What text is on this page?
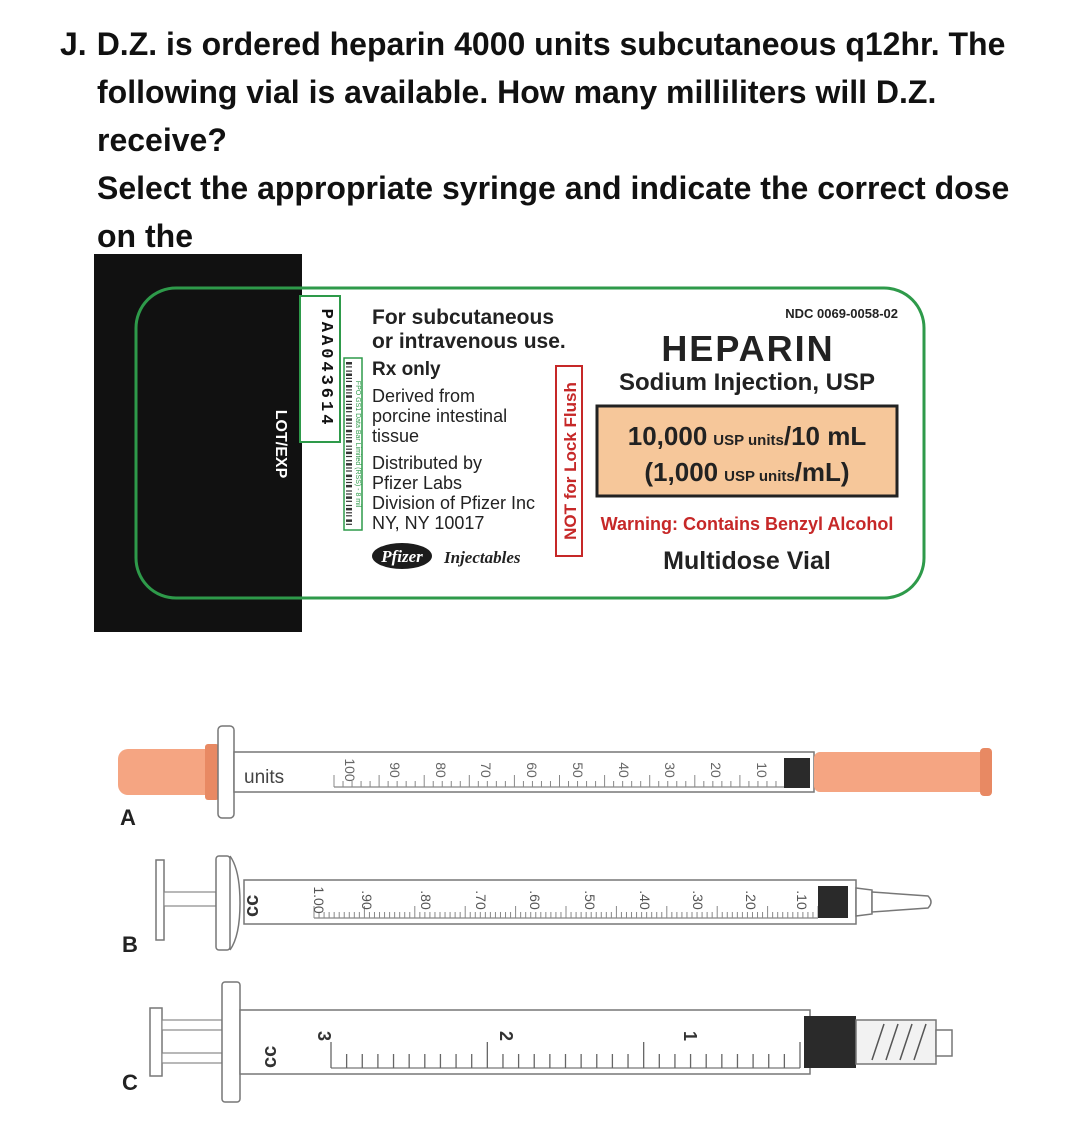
J. D.Z. is ordered heparin 4000 units subcutaneous q12hr. The
following vial is available. How many milliliters will D.Z. receive?
Select the appropriate syringe and indicate the correct dose on the
LOT/EXP
PAA043614
FPO GS1 Data Bar Limited (RSS) - 8 mil
For subcutaneous
or intravenous use.
Rx only
Derived from
porcine intestinal
tissue
Distributed by
Pfizer Labs
Division of Pfizer Inc
NY, NY 10017
Pfizer Injectables
NOT for Lock Flush
NDC 0069-0058-02
HEPARIN
Sodium Injection, USP
10,000 USP units/10 mL
(1,000 USP units/mL)
Warning: Contains Benzyl Alcohol
Multidose Vial
units	100 90 80 70 60 50 40 30 20 10
cc	.90
1.00	.80	.70	.60	.50	.40	.30	.20	.10
cc
3	2	1
A
B
C
